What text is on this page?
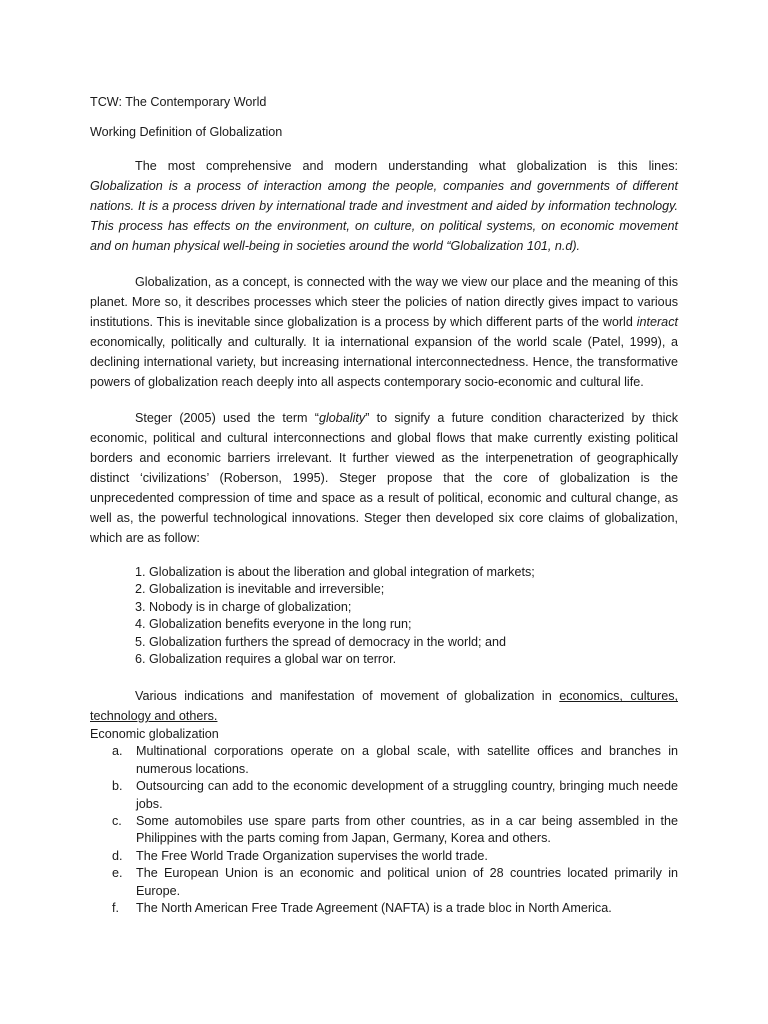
TCW: The Contemporary World

Working Definition of Globalization

The most comprehensive and modern understanding what globalization is this lines: Globalization is a process of interaction among the people, companies and governments of different nations. It is a process driven by international trade and investment and aided by information technology. This process has effects on the environment, on culture, on political systems, on economic movement and on human physical well-being in societies around the world “Globalization 101, n.d).

Globalization, as a concept, is connected with the way we view our place and the meaning of this planet. More so, it describes processes which steer the policies of nation directly gives impact to various institutions. This is inevitable since globalization is a process by which different parts of the world interact economically, politically and culturally. It ia international expansion of the world scale (Patel, 1999), a declining international variety, but increasing international interconnectedness. Hence, the transformative powers of globalization reach deeply into all aspects contemporary socio-economic and cultural life.

Steger (2005) used the term “globality” to signify a future condition characterized by thick economic, political and cultural interconnections and global flows that make currently existing political borders and economic barriers irrelevant. It further viewed as the interpenetration of geographically distinct ‘civilizations’ (Roberson, 1995). Steger propose that the core of globalization is the unprecedented compression of time and space as a result of political, economic and cultural change, as well as, the powerful technological innovations. Steger then developed six core claims of globalization, which are as follow:

1. Globalization is about the liberation and global integration of markets;
2. Globalization is inevitable and irreversible;
3. Nobody is in charge of globalization;
4. Globalization benefits everyone in the long run;
5. Globalization furthers the spread of democracy in the world; and
6. Globalization requires a global war on terror.

Various indications and manifestation of movement of globalization in economics, cultures, technology and others.

Economic globalization

a.	Multinational corporations operate on a global scale, with satellite offices and branches in numerous locations.
b.	Outsourcing can add to the economic development of a struggling country, bringing much neede jobs.
c.	Some automobiles use spare parts from other countries, as in a car being assembled in the Philippines with the parts coming from Japan, Germany, Korea and others.
d.	The Free World Trade Organization supervises the world trade.
e.	The European Union is an economic and political union of 28 countries located primarily in Europe.
f.	The North American Free Trade Agreement (NAFTA) is a trade bloc in North America.
